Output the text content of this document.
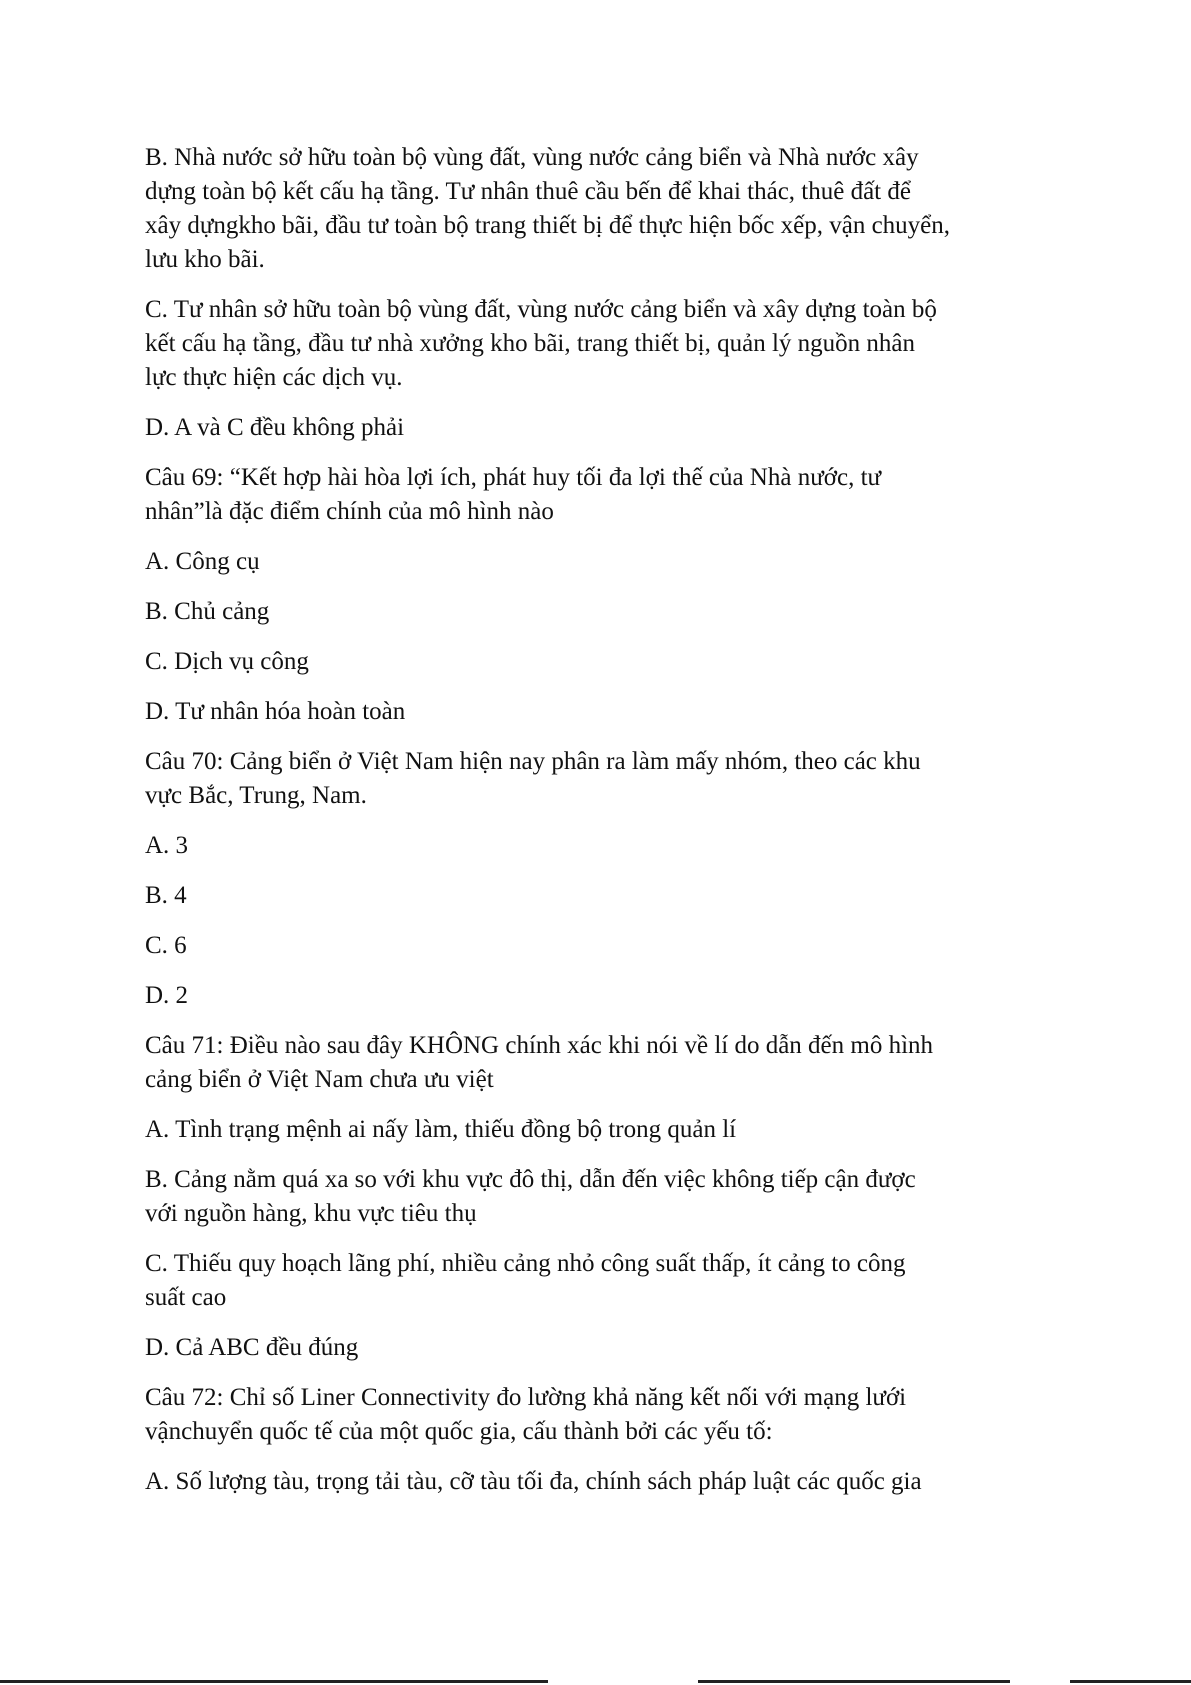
B. Nhà nước sở hữu toàn bộ vùng đất, vùng nước cảng biển và Nhà nước xây
dựng toàn bộ kết cấu hạ tầng. Tư nhân thuê cầu bến để khai thác, thuê đất để
xây dựngkho bãi, đầu tư toàn bộ trang thiết bị để thực hiện bốc xếp, vận chuyển,
lưu kho bãi.
C. Tư nhân sở hữu toàn bộ vùng đất, vùng nước cảng biển và xây dựng toàn bộ
kết cấu hạ tầng, đầu tư nhà xưởng kho bãi, trang thiết bị, quản lý nguồn nhân
lực thực hiện các dịch vụ.
D. A và C đều không phải
Câu 69: “Kết hợp hài hòa lợi ích, phát huy tối đa lợi thế của Nhà nước, tư
nhân”là đặc điểm chính của mô hình nào
A. Công cụ
B. Chủ cảng
C. Dịch vụ công
D. Tư nhân hóa hoàn toàn
Câu 70: Cảng biển ở Việt Nam hiện nay phân ra làm mấy nhóm, theo các khu
vực Bắc, Trung, Nam.
A. 3
B. 4
C. 6
D. 2
Câu 71: Điều nào sau đây KHÔNG chính xác khi nói về lí do dẫn đến mô hình
cảng biển ở Việt Nam chưa ưu việt
A. Tình trạng mệnh ai nấy làm, thiếu đồng bộ trong quản lí
B. Cảng nằm quá xa so với khu vực đô thị, dẫn đến việc không tiếp cận được
với nguồn hàng, khu vực tiêu thụ
C. Thiếu quy hoạch lãng phí, nhiều cảng nhỏ công suất thấp, ít cảng to công
suất cao
D. Cả ABC đều đúng
Câu 72: Chỉ số Liner Connectivity đo lường khả năng kết nối với mạng lưới
vậnchuyển quốc tế của một quốc gia, cấu thành bởi các yếu tố:
A. Số lượng tàu, trọng tải tàu, cỡ tàu tối đa, chính sách pháp luật các quốc gia
